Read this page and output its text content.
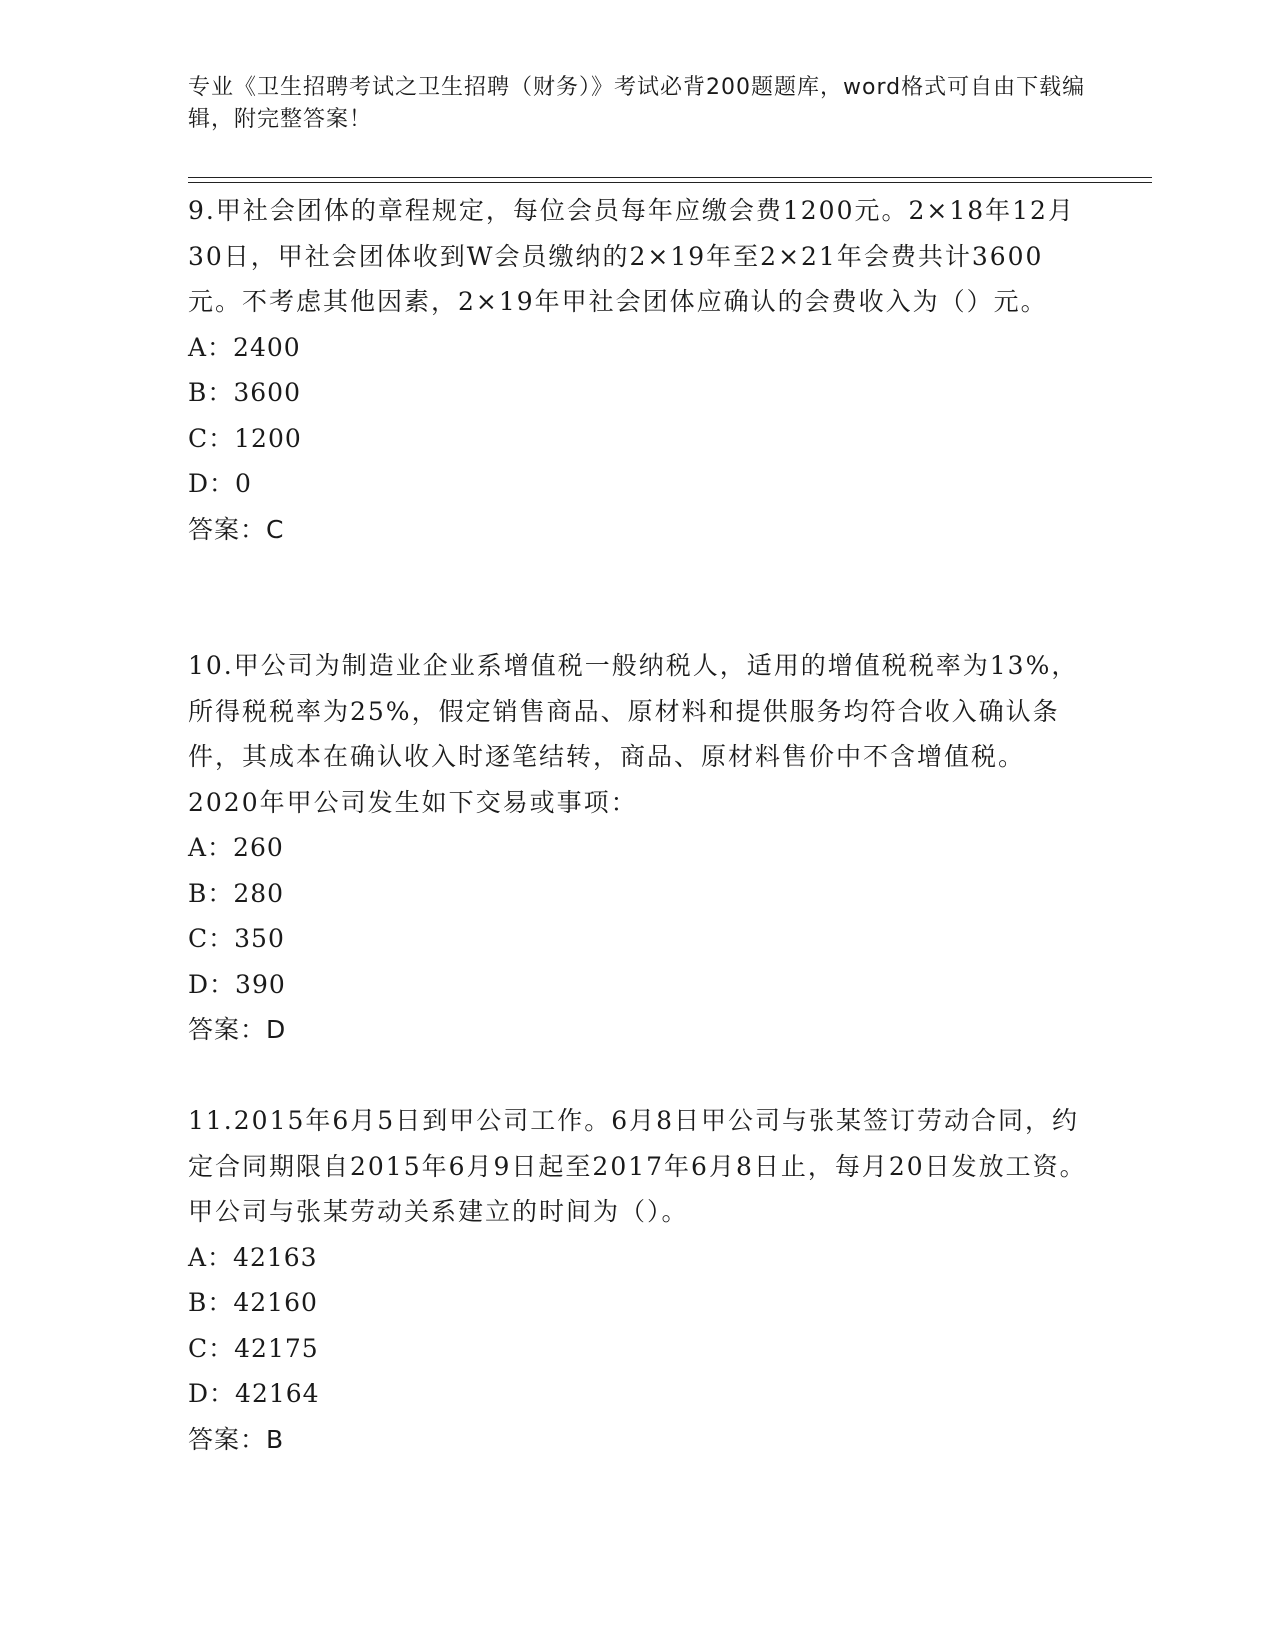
专业《卫生招聘考试之卫生招聘（财务）》考试必背200题题库，word格式可自由下载编辑，附完整答案！

9.甲社会团体的章程规定，每位会员每年应缴会费1200元。2×18年12月30日，甲社会团体收到W会员缴纳的2×19年至2×21年会费共计3600元。不考虑其他因素，2×19年甲社会团体应确认的会费收入为（）元。

A：2400
B：3600
C：1200
D：0
答案：C

10.甲公司为制造业企业系增值税一般纳税人，适用的增值税税率为13%，所得税税率为25%，假定销售商品、原材料和提供服务均符合收入确认条件，其成本在确认收入时逐笔结转，商品、原材料售价中不含增值税。2020年甲公司发生如下交易或事项：

A：260
B：280
C：350
D：390
答案：D

11.2015年6月5日到甲公司工作。6月8日甲公司与张某签订劳动合同，约定合同期限自2015年6月9日起至2017年6月8日止，每月20日发放工资。甲公司与张某劳动关系建立的时间为（）。

A：42163
B：42160
C：42175
D：42164
答案：B
